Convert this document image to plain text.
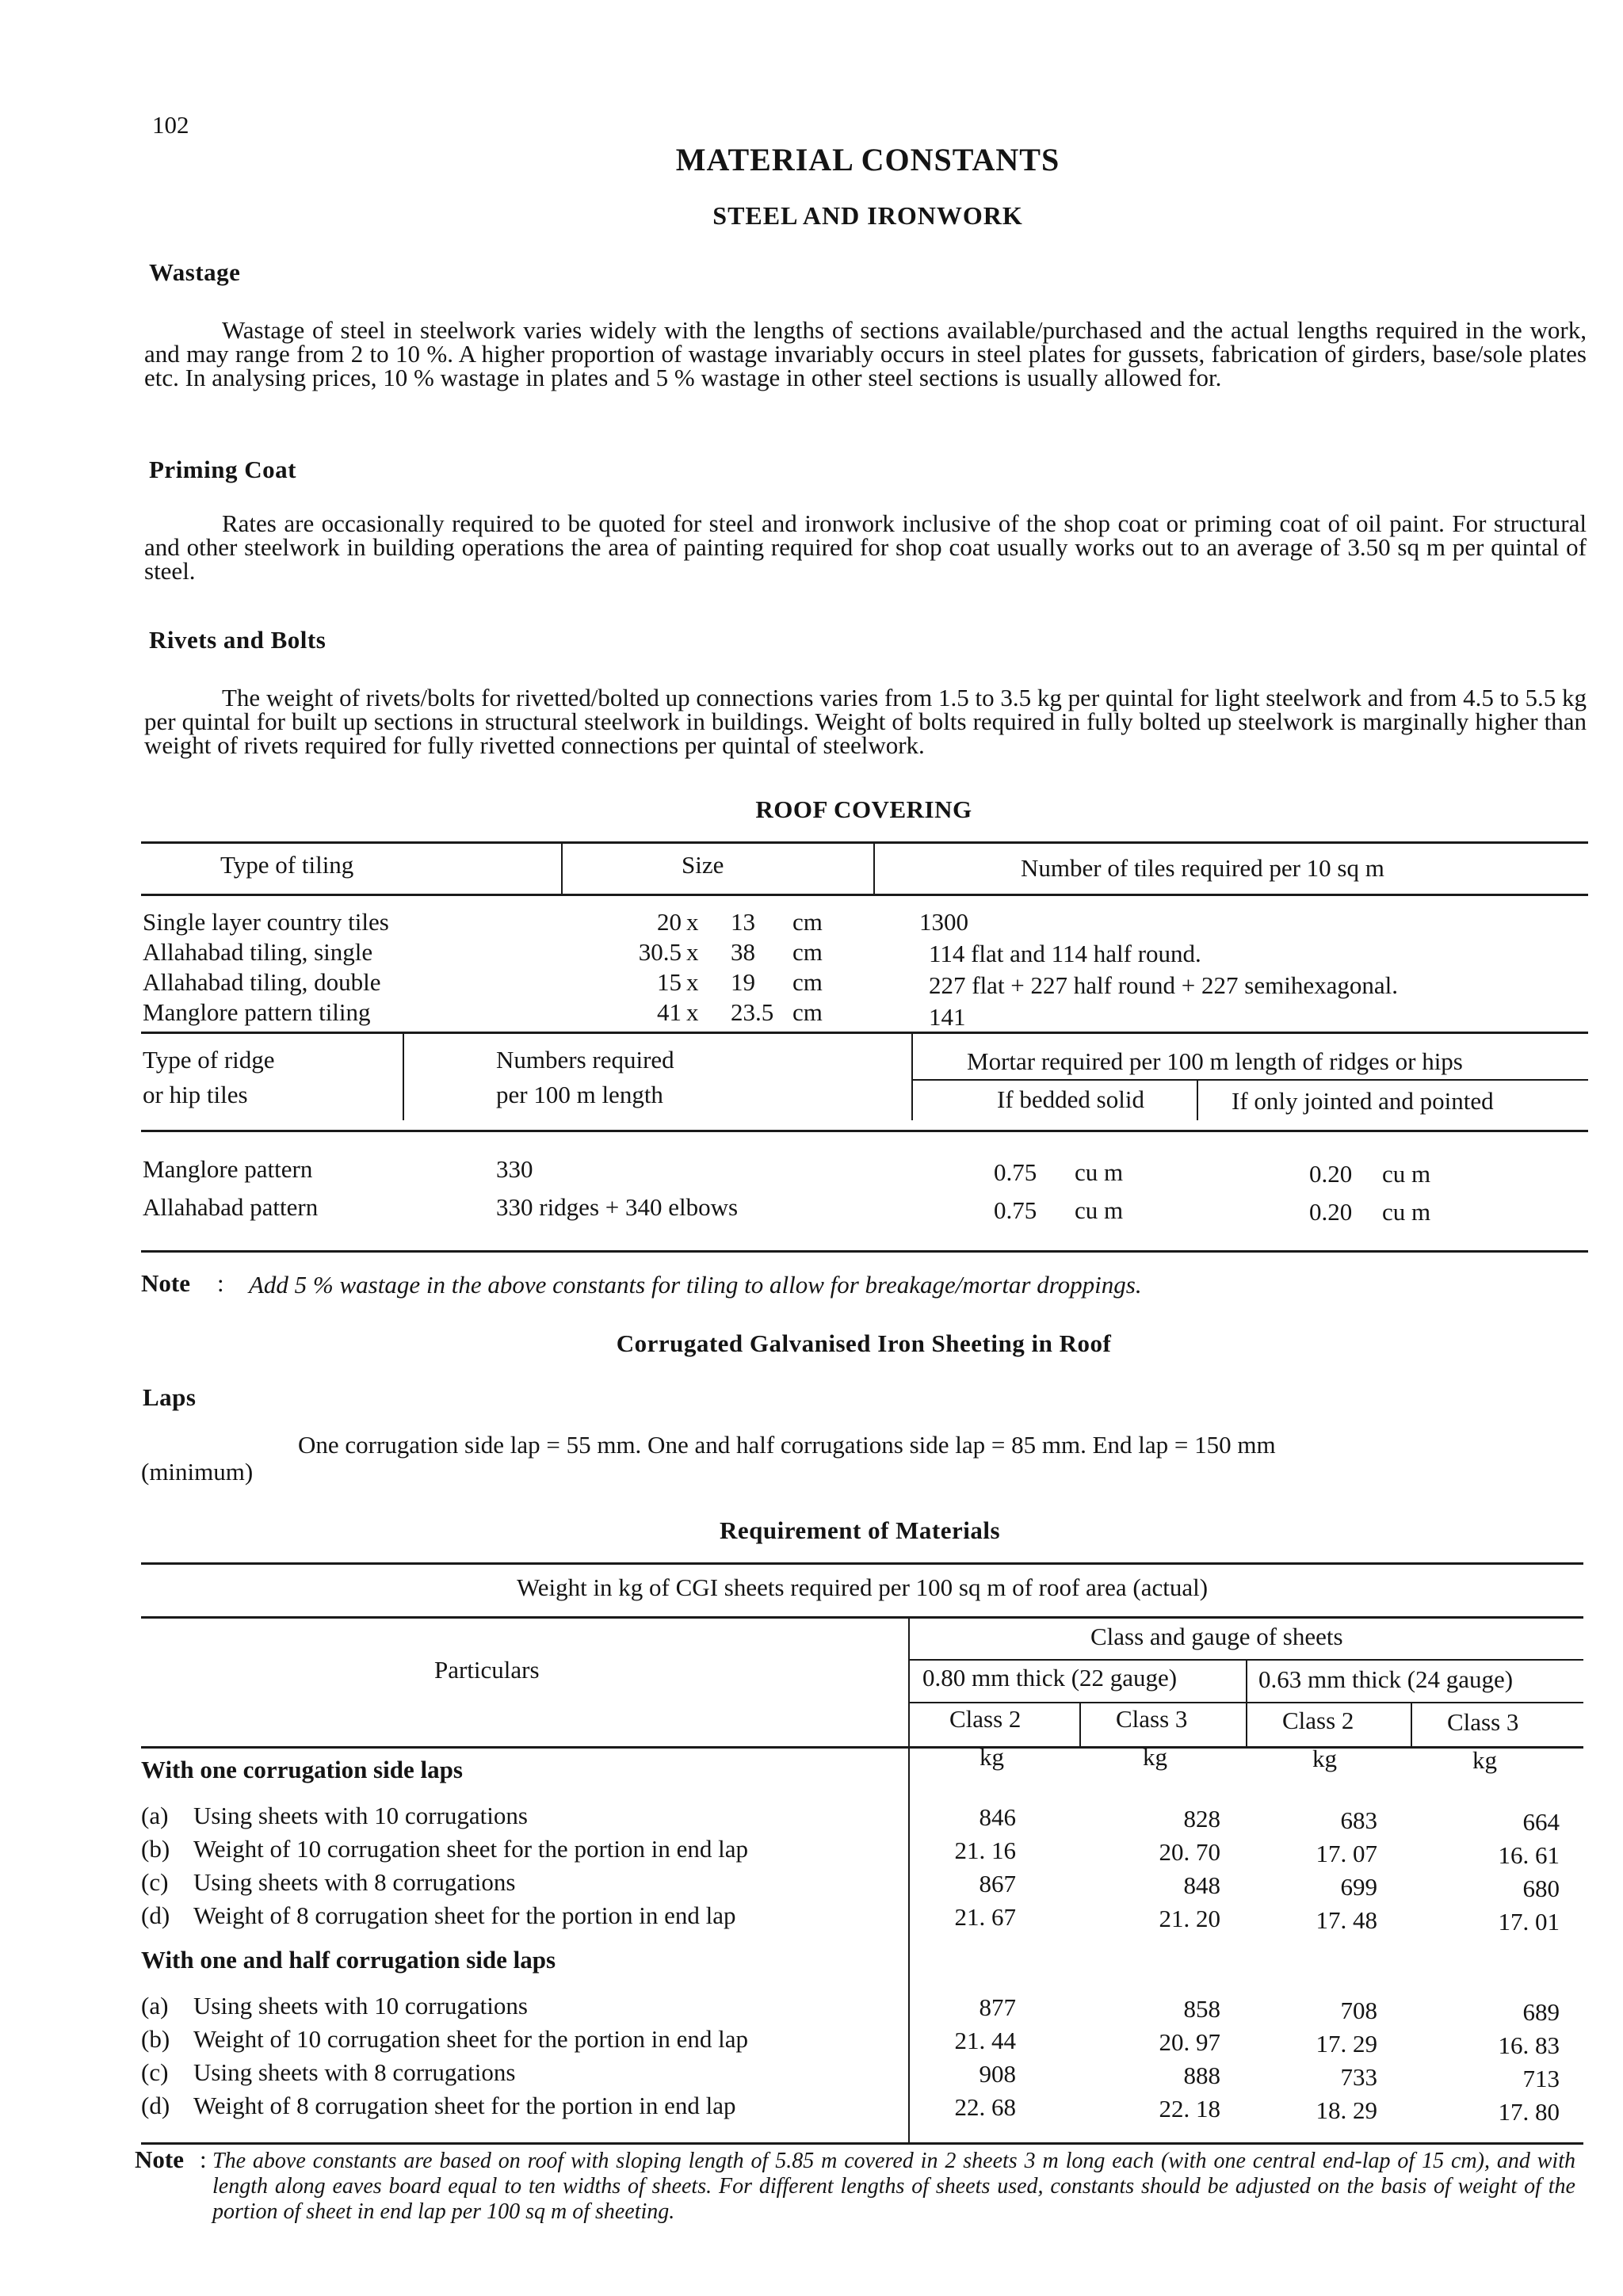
102
MATERIAL CONSTANTS
STEEL AND IRONWORK
Wastage
Wastage of steel in steelwork varies widely with the lengths of sections available/purchased and the actual lengths required in the work, and may range from 2 to 10 %. A higher proportion of wastage invariably occurs in steel plates for gussets, fabrication of girders, base/sole plates etc. In analysing prices, 10 % wastage in plates and 5 % wastage in other steel sections is usually allowed for.
Priming Coat
Rates are occasionally required to be quoted for steel and ironwork inclusive of the shop coat or priming coat of oil paint. For structural and other steelwork in building operations the area of painting required for shop coat usually works out to an average of 3.50 sq m per quintal of steel.
Rivets and Bolts
The weight of rivets/bolts for rivetted/bolted up connections varies from 1.5 to 3.5 kg per quintal for light steelwork and from 4.5 to 5.5 kg per quintal for built up sections in structural steelwork in buildings. Weight of bolts required in fully bolted up steelwork is marginally higher than weight of rivets required for fully rivetted connections per quintal of steelwork.
ROOF COVERING
Type of tiling	Size	Number of tiles required per 10 sq m
Single layer country tiles	20 x 13 cm	1300
Allahabad tiling, single	30.5 x 38 cm	114 flat and 114 half round.
Allahabad tiling, double	15 x 19 cm	227 flat + 227 half round + 227 semihexagonal.
Manglore pattern tiling	41 x 23.5 cm	141
Type of ridge
or hip tiles
Numbers required
per 100 m length
Mortar required per 100 m length of ridges or hips
If bedded solid	If only jointed and pointed
Manglore pattern	330	0.75 cu m	0.20 cu m
Allahabad pattern	330 ridges + 340 elbows	0.75 cu m	0.20 cu m
Note : Add 5 % wastage in the above constants for tiling to allow for breakage/mortar droppings.
Corrugated Galvanised Iron Sheeting in Roof
Laps
(minimum)
One corrugation side lap = 55 mm. One and half corrugations side lap = 85 mm. End lap = 150 mm
Requirement of Materials
Weight in kg of CGI sheets required per 100 sq m of roof area (actual)
Particulars
Class and gauge of sheets
0.80 mm thick (22 gauge)	0.63 mm thick (24 gauge)
Class 2	Class 3	Class 2	Class 3
kg	kg	kg	kg
With one corrugation side laps
(a) Using sheets with 10 corrugations	846	828	683	664
(b) Weight of 10 corrugation sheet for the portion in end lap	21. 16	20. 70	17. 07	16. 61
(c) Using sheets with 8 corrugations	867	848	699	680
(d) Weight of 8 corrugation sheet for the portion in end lap	21. 67	21. 20	17. 48	17. 01
With one and half corrugation side laps
(a) Using sheets with 10 corrugations	877	858	708	689
(b) Weight of 10 corrugation sheet for the portion in end lap	21. 44	20. 97	17. 29	16. 83
(c) Using sheets with 8 corrugations	908	888	733	713
(d) Weight of 8 corrugation sheet for the portion in end lap	22. 68	22. 18	18. 29	17. 80
Note : The above constants are based on roof with sloping length of 5.85 m covered in 2 sheets 3 m long each (with one central end-lap of 15 cm), and with length along eaves board equal to ten widths of sheets. For different lengths of sheets used, constants should be adjusted on the basis of weight of the portion of sheet in end lap per 100 sq m of sheeting.
